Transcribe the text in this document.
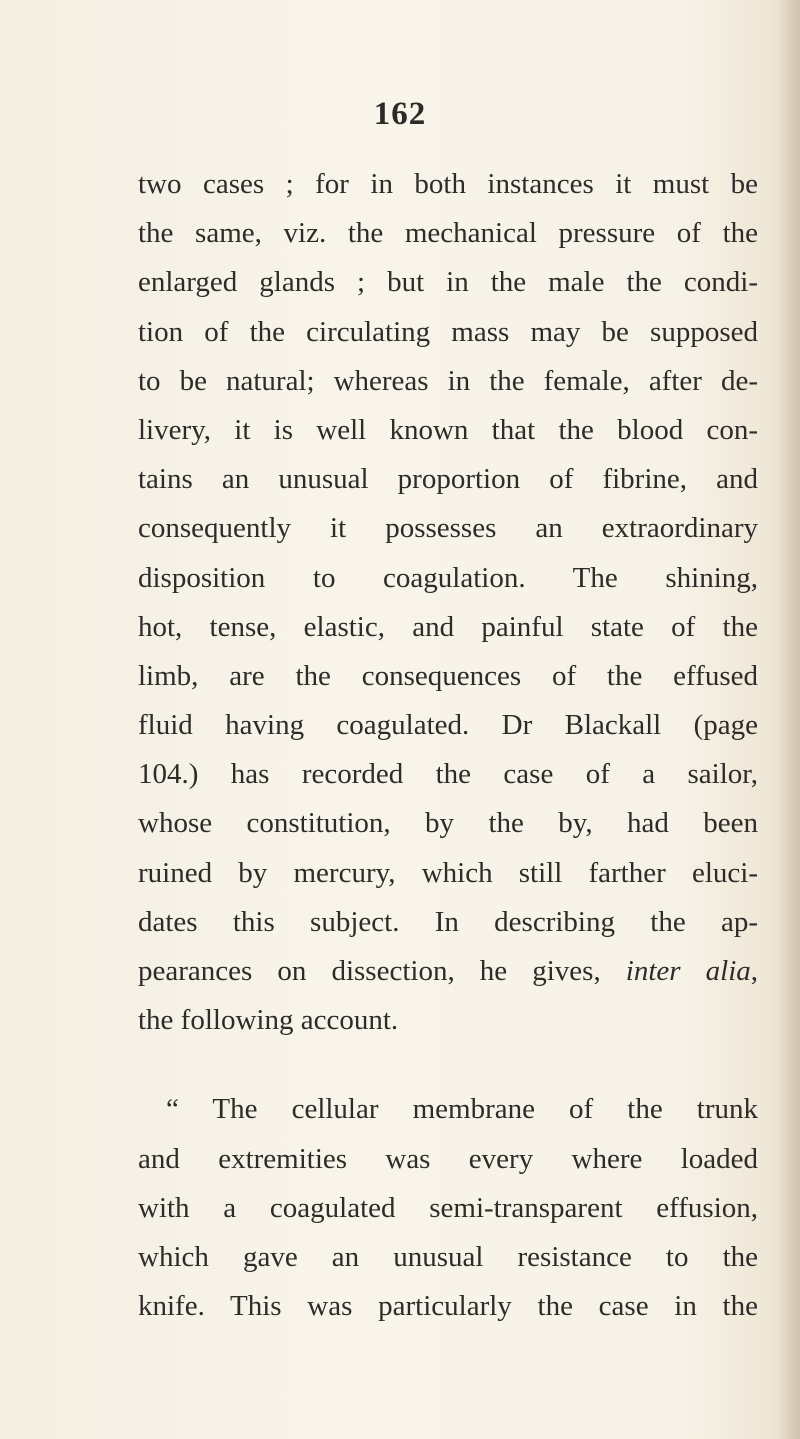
162
two cases ; for in both instances it must be
the same, viz. the mechanical pressure of the
enlarged glands ; but in the male the condi-
tion of the circulating mass may be supposed
to be natural; whereas in the female, after de-
livery, it is well known that the blood con-
tains an unusual proportion of fibrine, and
consequently it possesses an extraordinary
disposition to coagulation. The shining,
hot, tense, elastic, and painful state of the
limb, are the consequences of the effused
fluid having coagulated. Dr Blackall (page
104.) has recorded the case of a sailor,
whose constitution, by the by, had been
ruined by mercury, which still farther eluci-
dates this subject. In describing the ap-
pearances on dissection, he gives, inter alia,
the following account.
“ The cellular membrane of the trunk
and extremities was every where loaded
with a coagulated semi-transparent effusion,
which gave an unusual resistance to the
knife. This was particularly the case in the
